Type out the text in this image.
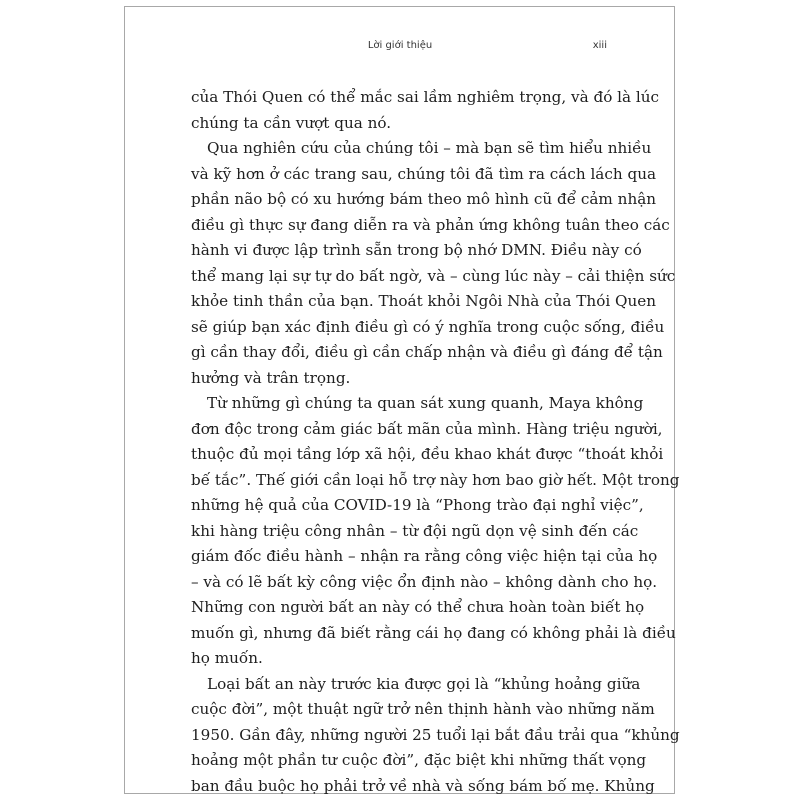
Lời giới thiệu	xiii
của Thói Quen có thể mắc sai lầm nghiêm trọng, và đó là lúc
chúng ta cần vượt qua nó.
Qua nghiên cứu của chúng tôi – mà bạn sẽ tìm hiểu nhiều
và kỹ hơn ở các trang sau, chúng tôi đã tìm ra cách lách qua
phần não bộ có xu hướng bám theo mô hình cũ để cảm nhận
điều gì thực sự đang diễn ra và phản ứng không tuân theo các
hành vi được lập trình sẵn trong bộ nhớ DMN. Điều này có
thể mang lại sự tự do bất ngờ, và – cùng lúc này – cải thiện sức
khỏe tinh thần của bạn. Thoát khỏi Ngôi Nhà của Thói Quen
sẽ giúp bạn xác định điều gì có ý nghĩa trong cuộc sống, điều
gì cần thay đổi, điều gì cần chấp nhận và điều gì đáng để tận
hưởng và trân trọng.
Từ những gì chúng ta quan sát xung quanh, Maya không
đơn độc trong cảm giác bất mãn của mình. Hàng triệu người,
thuộc đủ mọi tầng lớp xã hội, đều khao khát được “thoát khỏi
bế tắc”. Thế giới cần loại hỗ trợ này hơn bao giờ hết. Một trong
những hệ quả của COVID-19 là “Phong trào đại nghỉ việc”,
khi hàng triệu công nhân – từ đội ngũ dọn vệ sinh đến các
giám đốc điều hành – nhận ra rằng công việc hiện tại của họ
– và có lẽ bất kỳ công việc ổn định nào – không dành cho họ.
Những con người bất an này có thể chưa hoàn toàn biết họ
muốn gì, nhưng đã biết rằng cái họ đang có không phải là điều
họ muốn.
Loại bất an này trước kia được gọi là “khủng hoảng giữa
cuộc đời”, một thuật ngữ trở nên thịnh hành vào những năm
1950. Gần đây, những người 25 tuổi lại bắt đầu trải qua “khủng
hoảng một phần tư cuộc đời”, đặc biệt khi những thất vọng
ban đầu buộc họ phải trở về nhà và sống bám bố mẹ. Khủng
